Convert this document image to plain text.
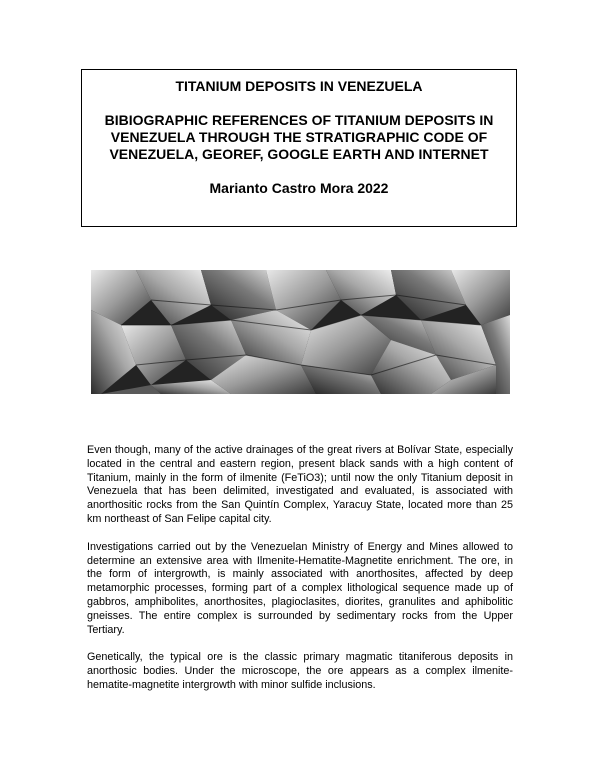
TITANIUM DEPOSITS IN VENEZUELA

BIBIOGRAPHIC REFERENCES OF TITANIUM DEPOSITS IN VENEZUELA THROUGH THE STRATIGRAPHIC CODE OF VENEZUELA, GEOREF, GOOGLE EARTH AND INTERNET

Marianto Castro Mora 2022

Even though, many of the active drainages of the great rivers at Bolívar State, especially located in the central and eastern region, present black sands with a high content of Titanium, mainly in the form of ilmenite (FeTiO3); until now the only Titanium deposit in Venezuela that has been delimited, investigated and evaluated, is associated with anorthositic rocks from the San Quintín Complex, Yaracuy State, located more than 25 km northeast of San Felipe capital city.

Investigations carried out by the Venezuelan Ministry of Energy and Mines allowed to determine an extensive area with Ilmenite-Hematite-Magnetite enrichment. The ore, in the form of intergrowth, is mainly associated with anorthosites, affected by deep metamorphic processes, forming part of a complex lithological sequence made up of gabbros, amphibolites, anorthosites, plagioclasites, diorites, granulites and aphibolitic gneisses. The entire complex is surrounded by sedimentary rocks from the Upper Tertiary.

Genetically, the typical ore is the classic primary magmatic titaniferous deposits in anorthosic bodies. Under the microscope, the ore appears as a complex ilmenite-hematite-magnetite intergrowth with minor sulfide inclusions.
